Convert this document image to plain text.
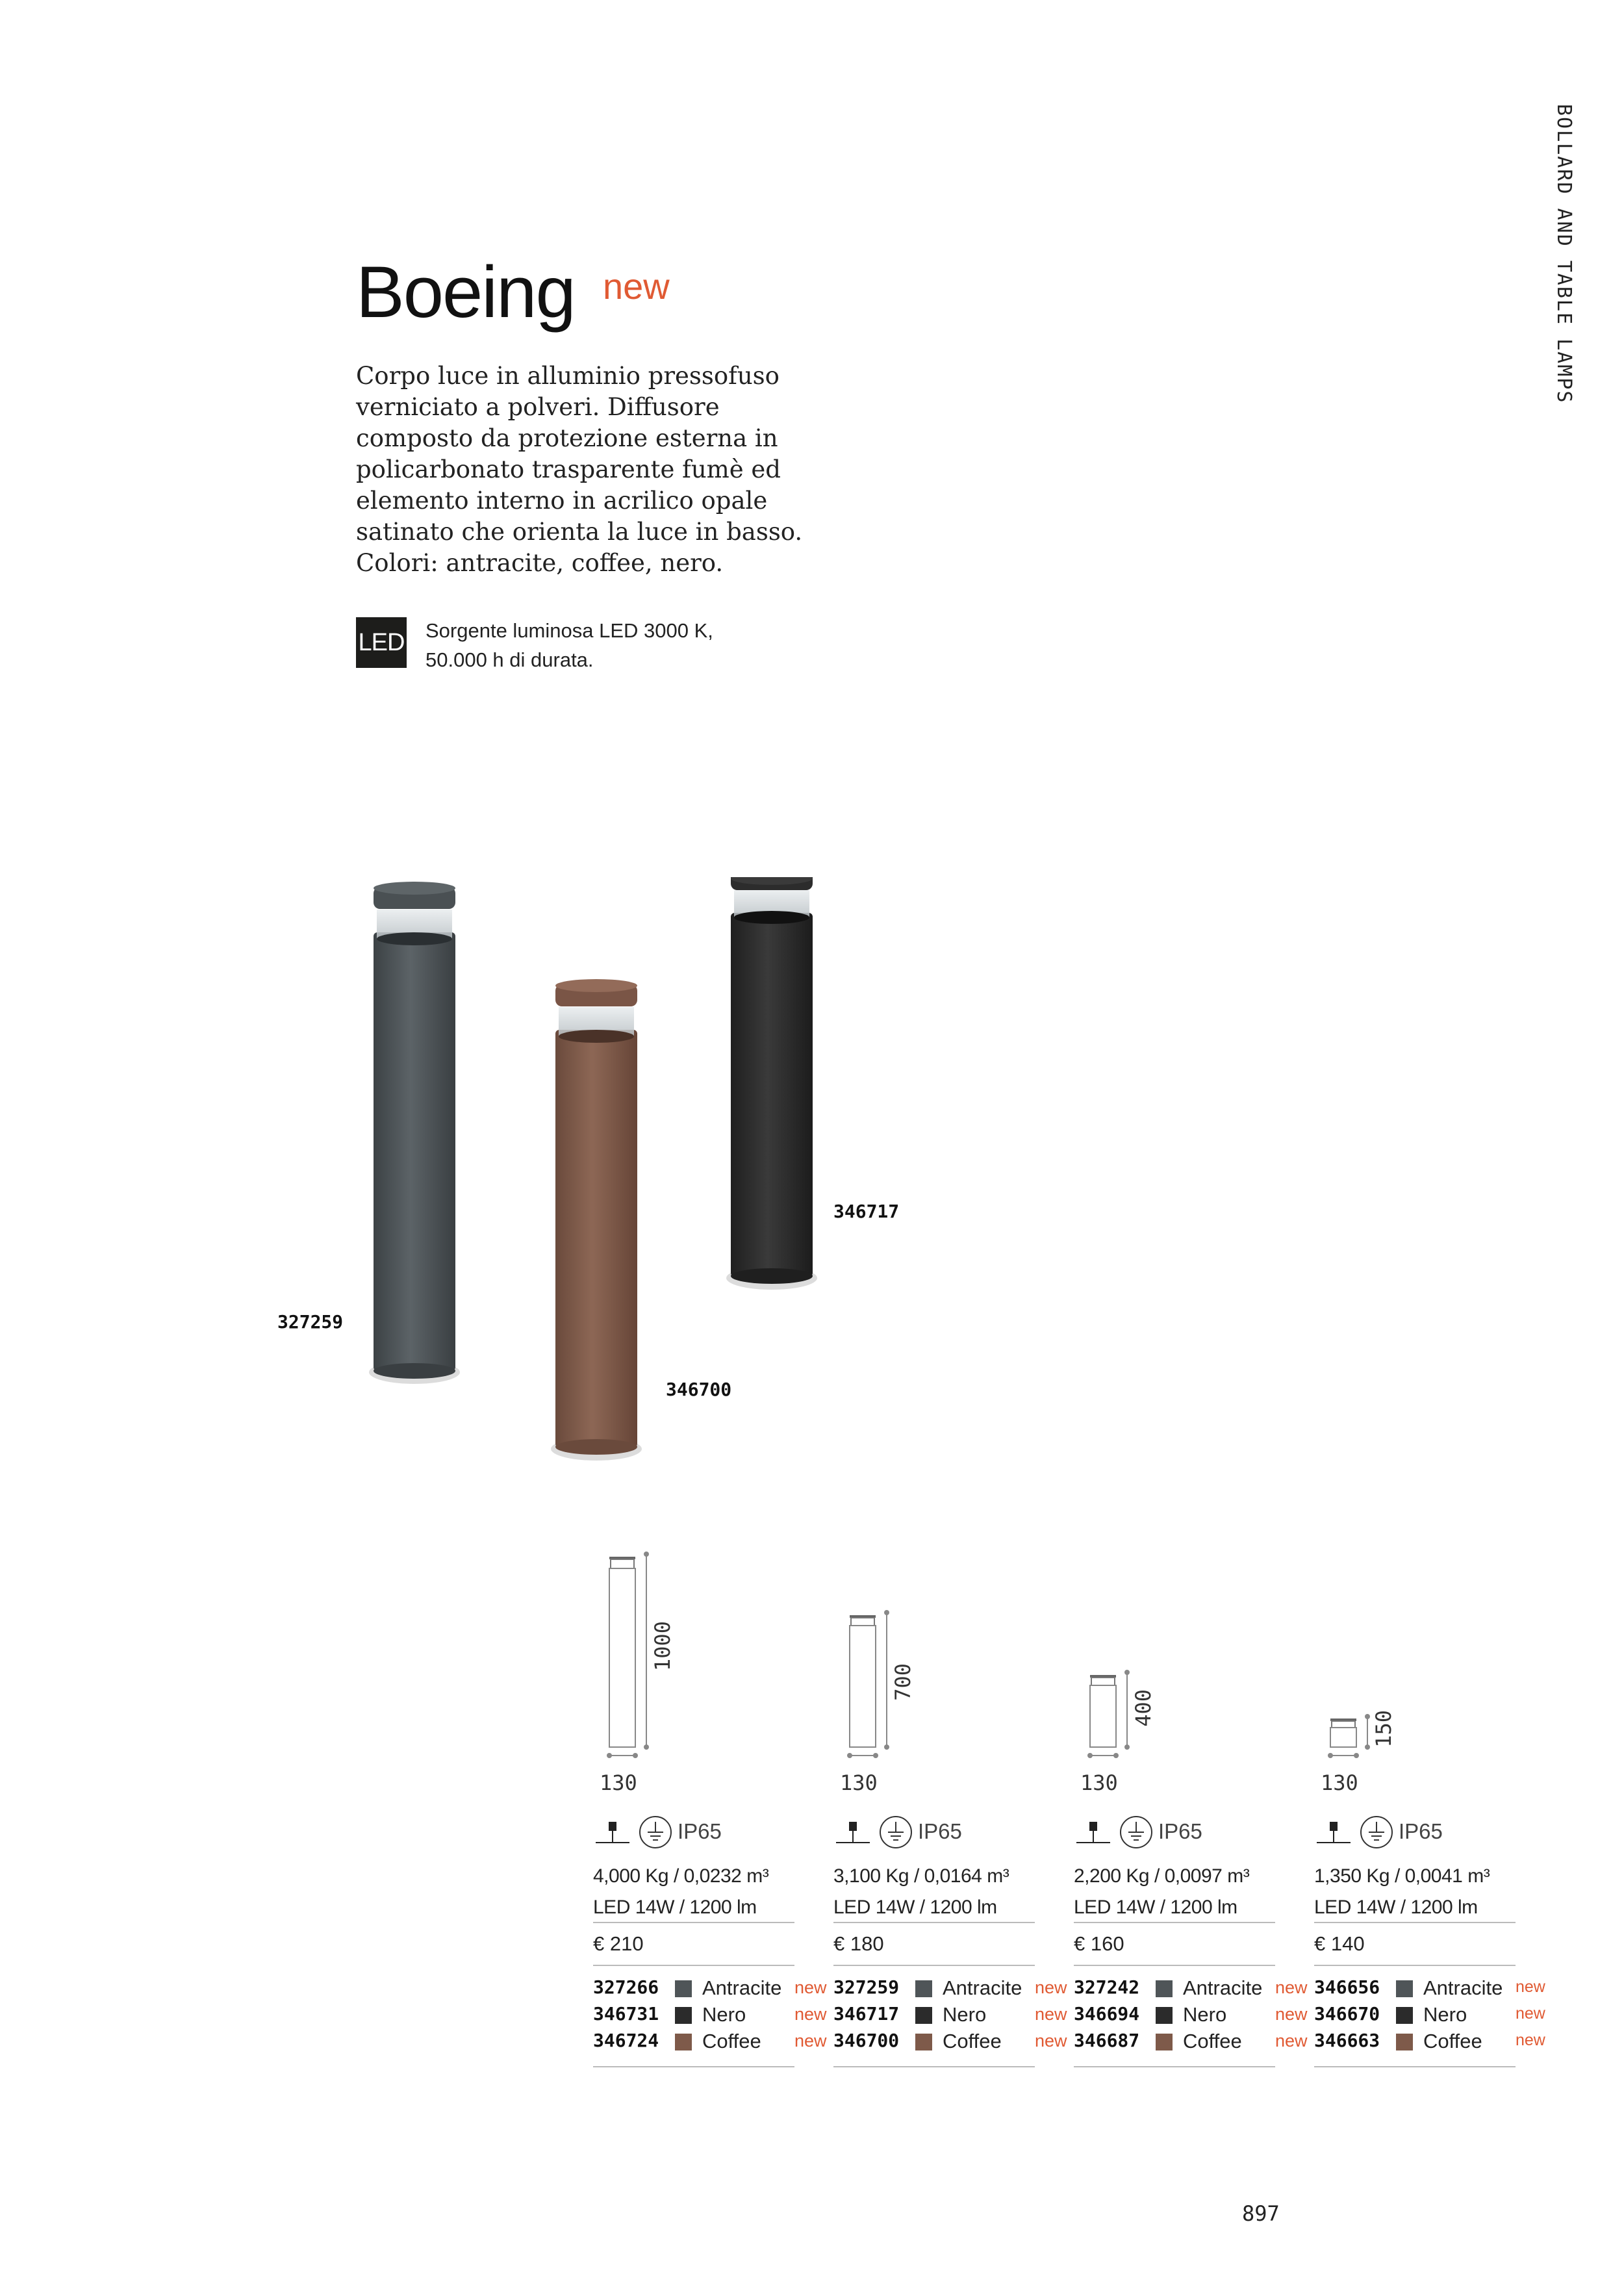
BOLLARD AND TABLE LAMPS
Boeing new
Corpo luce in alluminio pressofuso verniciato a polveri. Diffusore composto da protezione esterna in policarbonato trasparente fumè ed elemento interno in acrilico opale satinato che orienta la luce in basso. Colori: antracite, coffee, nero.
LED Sorgente luminosa LED 3000 K,
50.000 h di durata.
327259
346700
346717
1000
130
IP65
4,000 Kg / 0,0232 m³
LED 14W / 1200 lm
€ 210
327266 Antracite new
346731 Nero	new
346724 Coffee new
700
130
IP65
3,100 Kg / 0,0164 m³
LED 14W / 1200 lm
€ 180
327259 Antracite new
346717 Nero	new
346700 Coffee new
400
130
IP65
2,200 Kg / 0,0097 m³
LED 14W / 1200 lm
€ 160
327242 Antracite new
346694 Nero	new
346687 Coffee new
150
130
IP65
1,350 Kg / 0,0041 m³
LED 14W / 1200 lm
€ 140
346656 Antracite new
346670 Nero	new
346663 Coffee new
897
